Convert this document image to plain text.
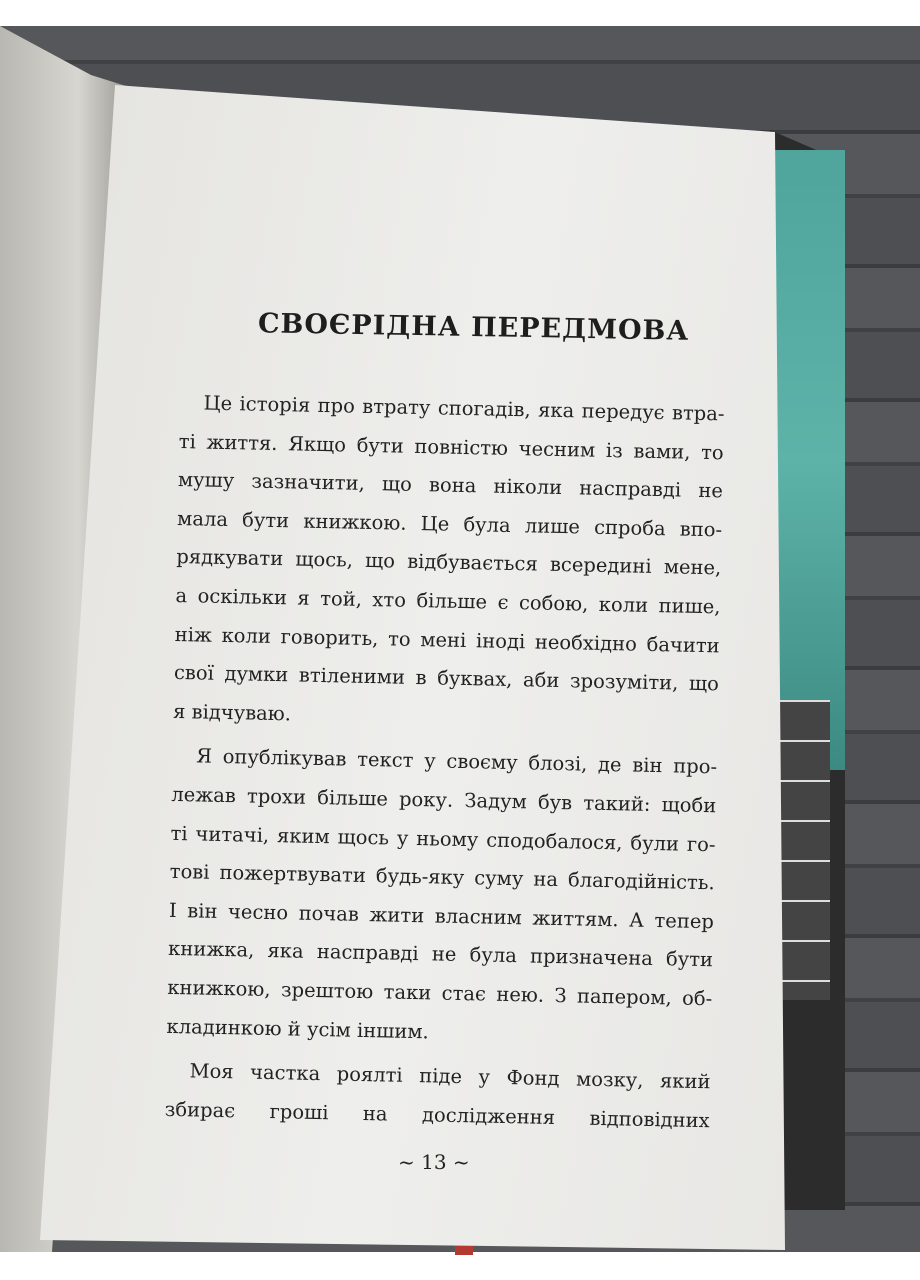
СВОЄРІДНА ПЕРЕДМОВА
Це історія про втрату спогадів, яка передує втра-
ті життя. Якщо бути повністю чесним із вами, то
мушу зазначити, що вона ніколи насправді не
мала бути книжкою. Це була лише спроба впо-
рядкувати щось, що відбувається всередині мене,
а оскільки я той, хто більше є собою, коли пише,
ніж коли говорить, то мені іноді необхідно бачити
свої думки втіленими в буквах, аби зрозуміти, що
я відчуваю.
Я опублікував текст у своєму блозі, де він про-
лежав трохи більше року. Задум був такий: щоби
ті читачі, яким щось у ньому сподобалося, були го-
тові пожертвувати будь-яку суму на благодійність.
І він чесно почав жити власним життям. А тепер
книжка, яка насправді не була призначена бути
книжкою, зрештою таки стає нею. З папером, об-
кладинкою й усім іншим.
Моя частка роялті піде у Фонд мозку, який
збирає гроші на дослідження відповідних
~ 13 ~
